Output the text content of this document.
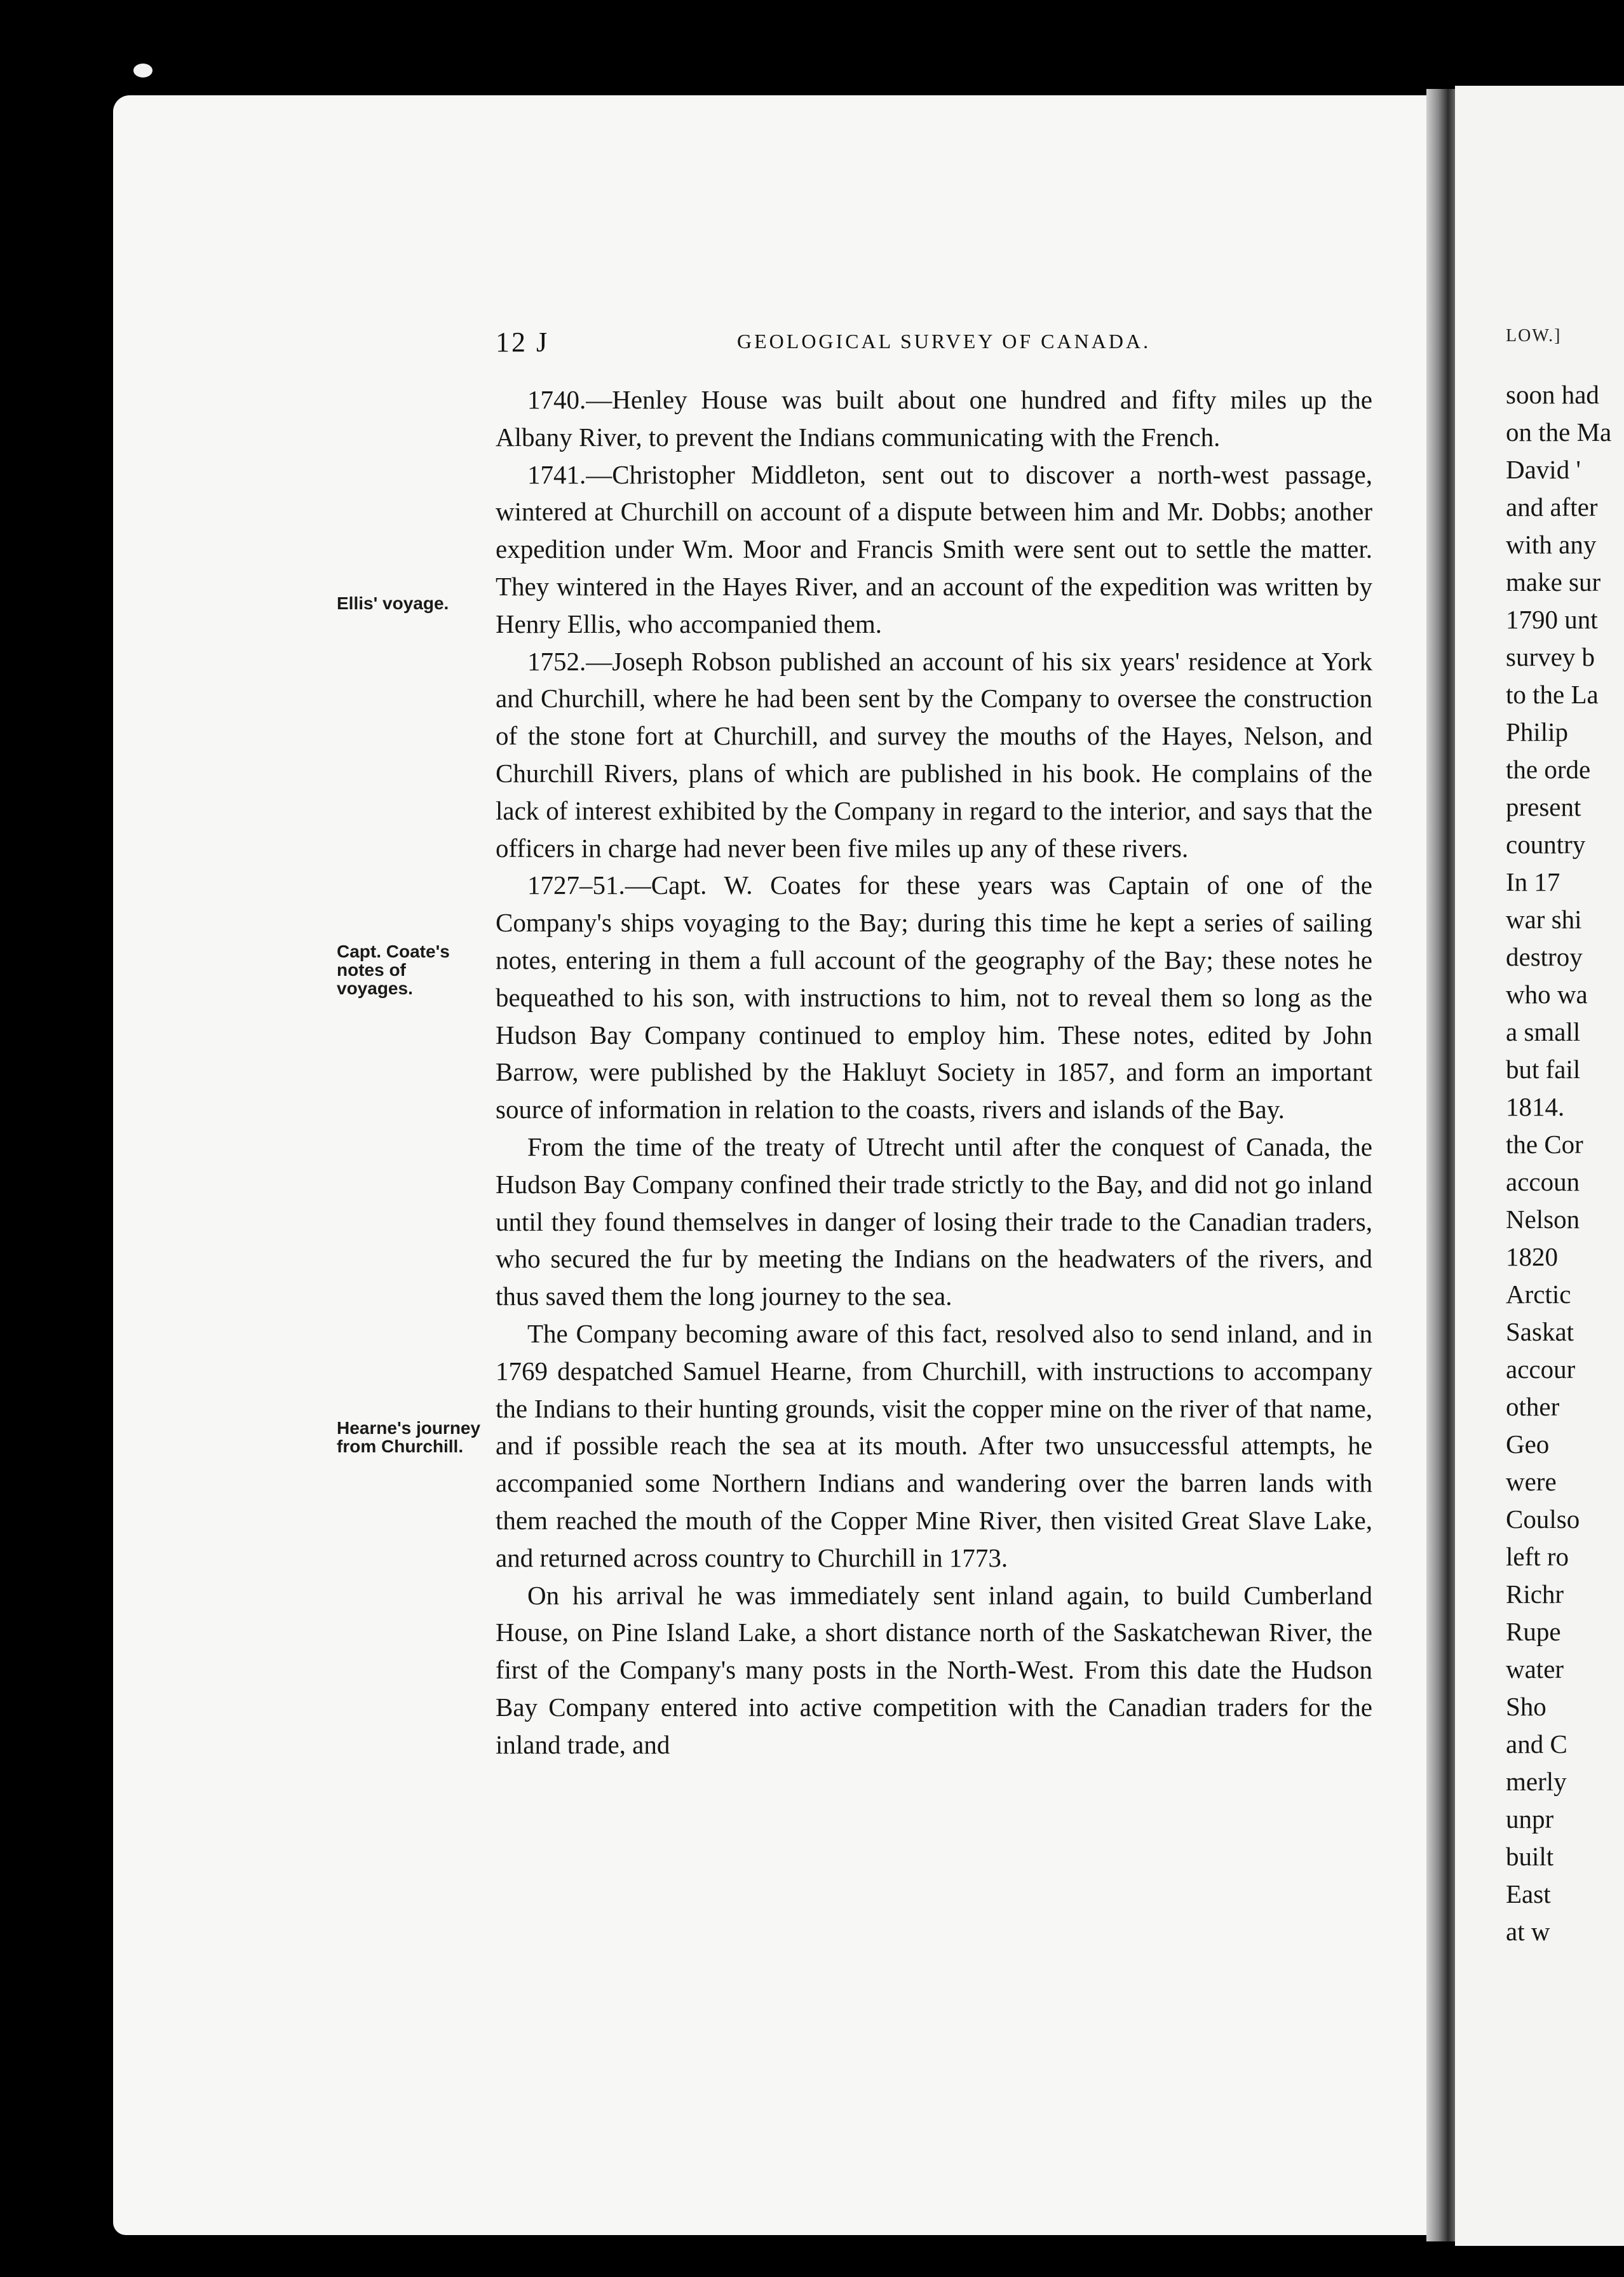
LOW.]
soon had
on the Ma
David '
and after
with any
make sur
1790 unt
survey b
to the La
Philip
the orde
present
country
In 17
war shi
destroy
who wa
a small
but fail
1814.
the Cor
accoun
Nelson
1820
Arctic
Saskat
accour
other
Geo
were
Coulso
left ro
Richr
Rupe
water
Sho
and C
merly
unpr
built
East
at w
12 J	GEOLOGICAL SURVEY OF CANADA.
Ellis' voyage.
Capt. Coate's notes of voyages.
Hearne's journey from Churchill.

1740.—Henley House was built about one hundred and fifty miles up the Albany River, to prevent the Indians communicating with the French.

1741.—Christopher Middleton, sent out to discover a north-west passage, wintered at Churchill on account of a dispute between him and Mr. Dobbs; another expedition under Wm. Moor and Francis Smith were sent out to settle the matter. They wintered in the Hayes River, and an account of the expedition was written by Henry Ellis, who accompanied them.

1752.—Joseph Robson published an account of his six years' residence at York and Churchill, where he had been sent by the Company to oversee the construction of the stone fort at Churchill, and survey the mouths of the Hayes, Nelson, and Churchill Rivers, plans of which are published in his book. He complains of the lack of interest exhibited by the Company in regard to the interior, and says that the officers in charge had never been five miles up any of these rivers.

1727–51.—Capt. W. Coates for these years was Captain of one of the Company's ships voyaging to the Bay; during this time he kept a series of sailing notes, entering in them a full account of the geography of the Bay; these notes he bequeathed to his son, with instructions to him, not to reveal them so long as the Hudson Bay Company continued to employ him. These notes, edited by John Barrow, were published by the Hakluyt Society in 1857, and form an important source of information in relation to the coasts, rivers and islands of the Bay.

From the time of the treaty of Utrecht until after the conquest of Canada, the Hudson Bay Company confined their trade strictly to the Bay, and did not go inland until they found themselves in danger of losing their trade to the Canadian traders, who secured the fur by meeting the Indians on the headwaters of the rivers, and thus saved them the long journey to the sea.

The Company becoming aware of this fact, resolved also to send inland, and in 1769 despatched Samuel Hearne, from Churchill, with instructions to accompany the Indians to their hunting grounds, visit the copper mine on the river of that name, and if possible reach the sea at its mouth. After two unsuccessful attempts, he accompanied some Northern Indians and wandering over the barren lands with them reached the mouth of the Copper Mine River, then visited Great Slave Lake, and returned across country to Churchill in 1773.

On his arrival he was immediately sent inland again, to build Cumberland House, on Pine Island Lake, a short distance north of the Saskatchewan River, the first of the Company's many posts in the North-West. From this date the Hudson Bay Company entered into active competition with the Canadian traders for the inland trade, and
